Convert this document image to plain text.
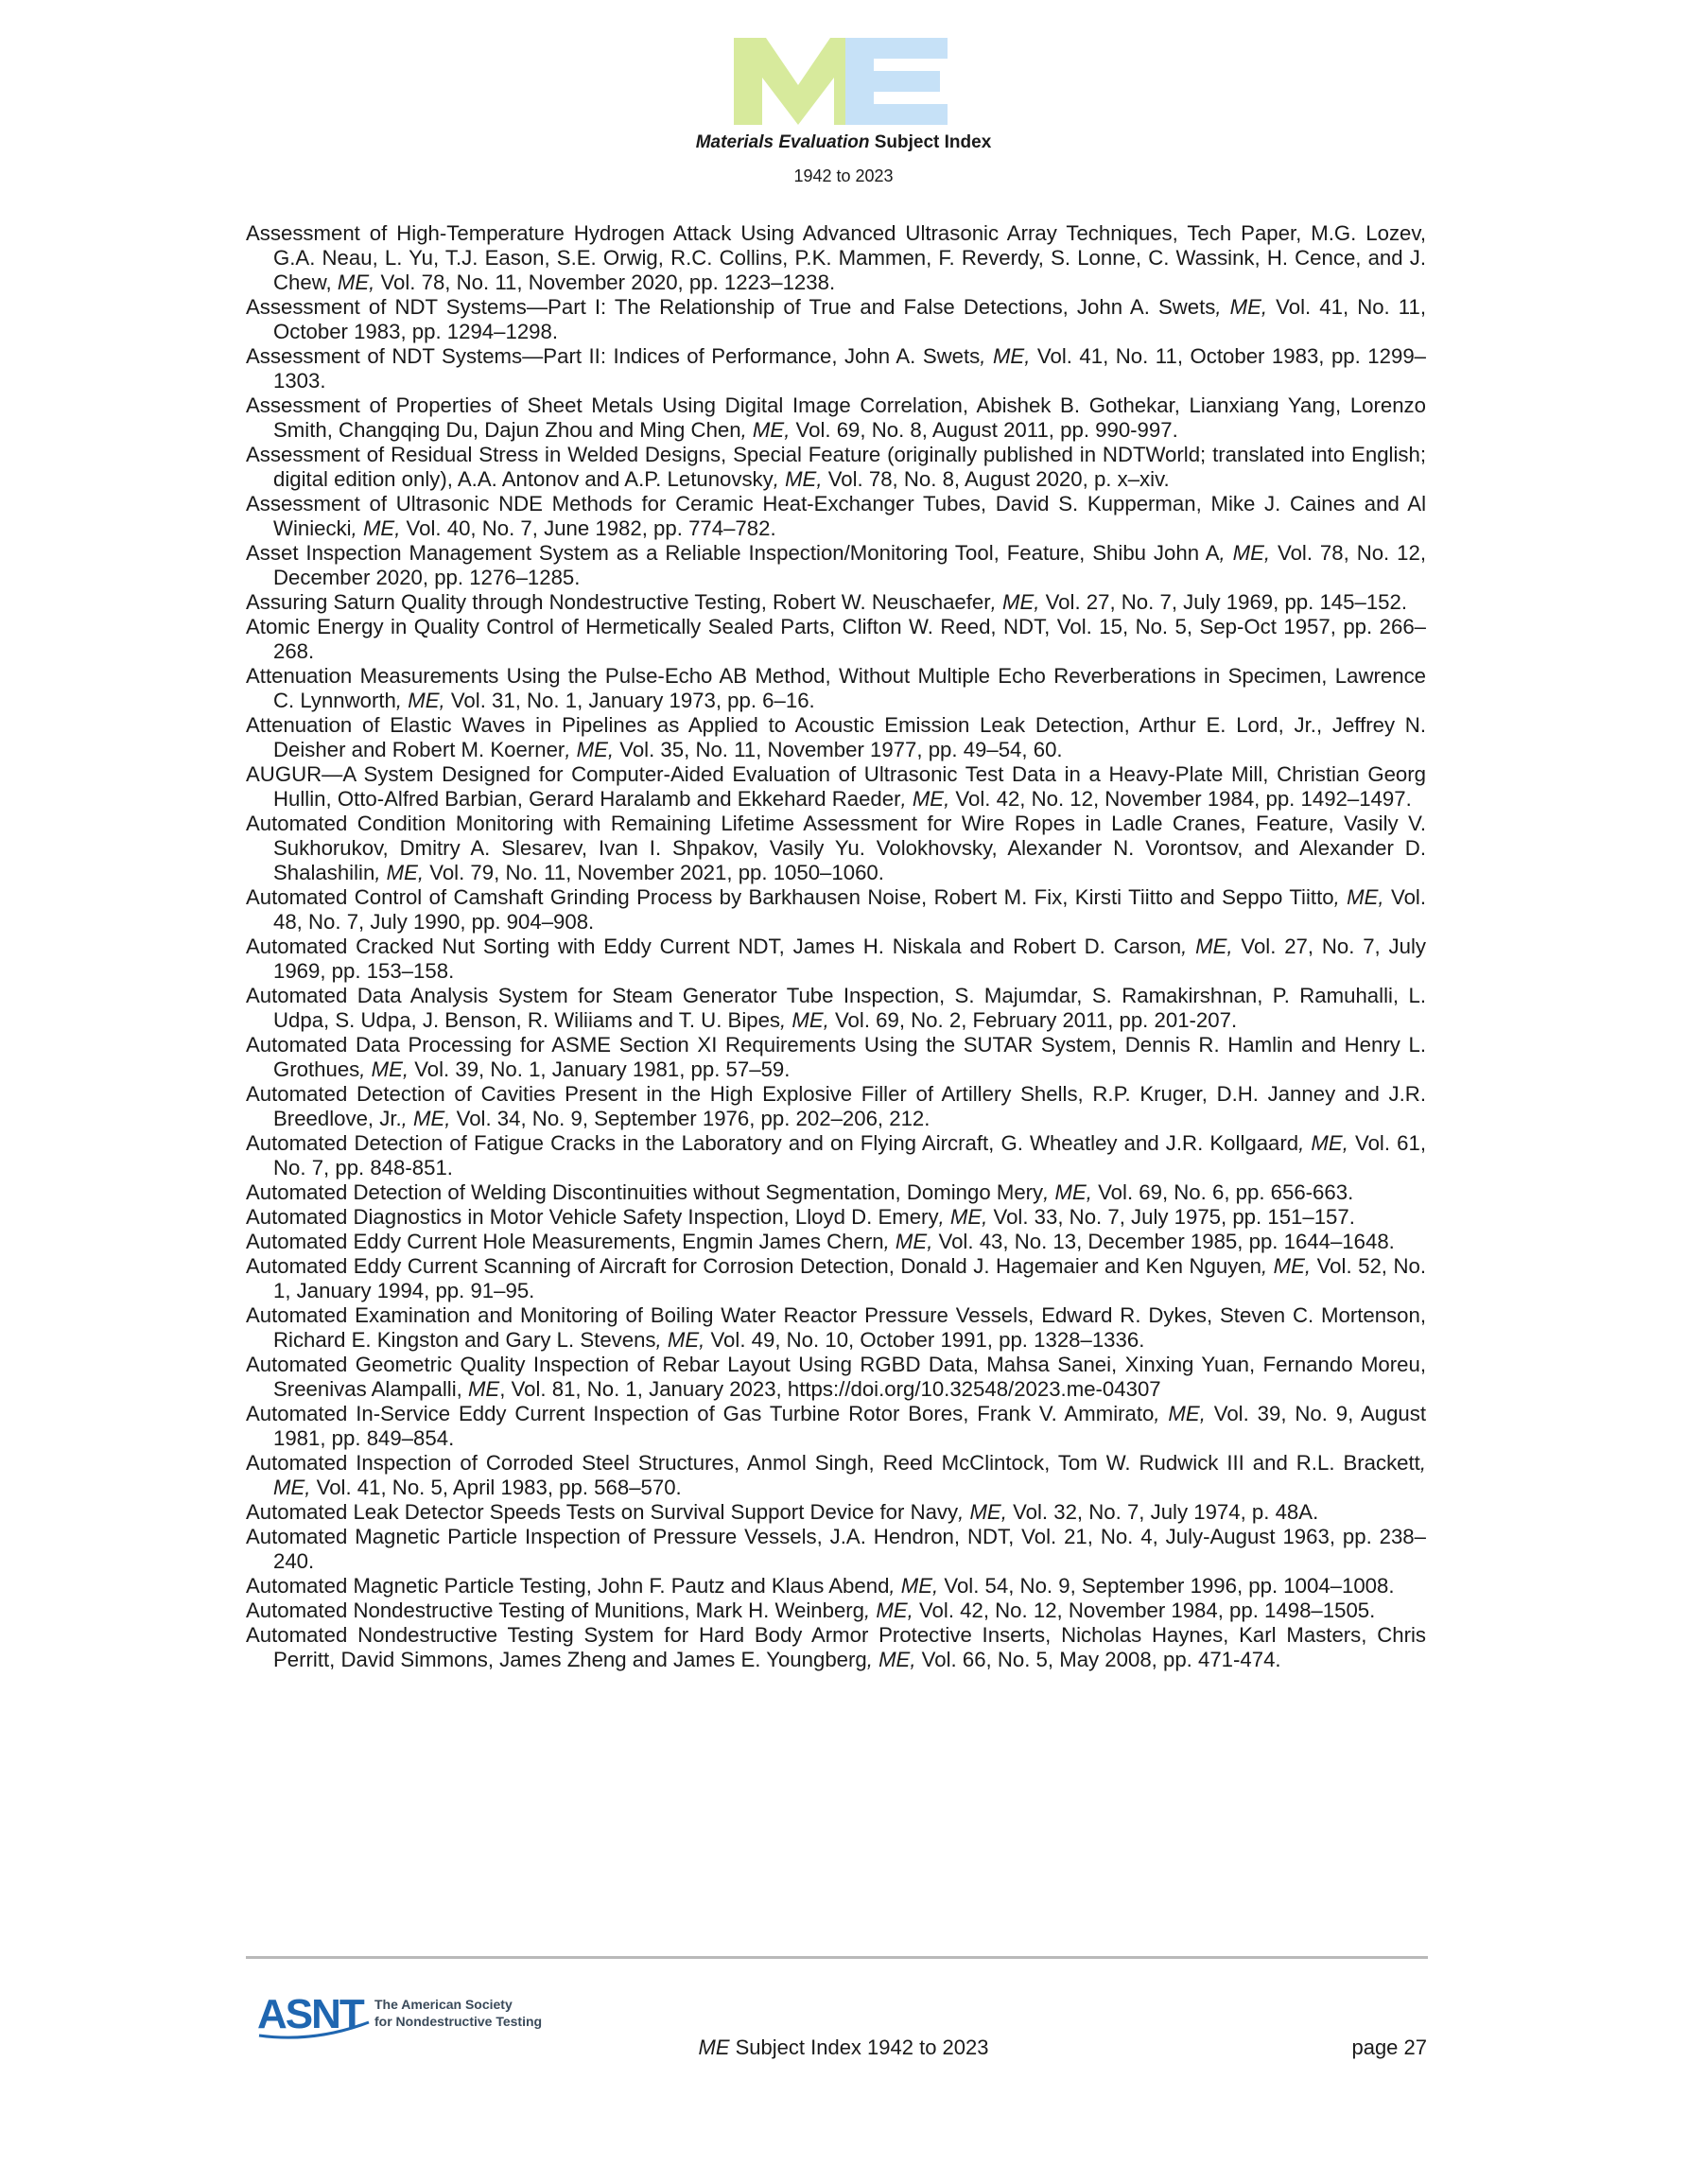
Materials Evaluation Subject Index
1942 to 2023

Assessment of High-Temperature Hydrogen Attack Using Advanced Ultrasonic Array Techniques, Tech Paper, M.G. Lozev, G.A. Neau, L. Yu, T.J. Eason, S.E. Orwig, R.C. Collins, P.K. Mammen, F. Reverdy, S. Lonne, C. Wassink, H. Cence, and J. Chew, ME, Vol. 78, No. 11, November 2020, pp. 1223–1238.

Assessment of NDT Systems—Part I: The Relationship of True and False Detections, John A. Swets, ME, Vol. 41, No. 11, October 1983, pp. 1294–1298.

Assessment of NDT Systems—Part II: Indices of Performance, John A. Swets, ME, Vol. 41, No. 11, October 1983, pp. 1299–1303.

Assessment of Properties of Sheet Metals Using Digital Image Correlation, Abishek B. Gothekar, Lianxiang Yang, Lorenzo Smith, Changqing Du, Dajun Zhou and Ming Chen, ME, Vol. 69, No. 8, August 2011, pp. 990-997.

Assessment of Residual Stress in Welded Designs, Special Feature (originally published in NDTWorld; translated into English; digital edition only), A.A. Antonov and A.P. Letunovsky, ME, Vol. 78, No. 8, August 2020, p. x–xiv.

Assessment of Ultrasonic NDE Methods for Ceramic Heat-Exchanger Tubes, David S. Kupperman, Mike J. Caines and Al Winiecki, ME, Vol. 40, No. 7, June 1982, pp. 774–782.

Asset Inspection Management System as a Reliable Inspection/Monitoring Tool, Feature, Shibu John A, ME, Vol. 78, No. 12, December 2020, pp. 1276–1285.

Assuring Saturn Quality through Nondestructive Testing, Robert W. Neuschaefer, ME, Vol. 27, No. 7, July 1969, pp. 145–152.

Atomic Energy in Quality Control of Hermetically Sealed Parts, Clifton W. Reed, NDT, Vol. 15, No. 5, Sep-Oct 1957, pp. 266–268.

Attenuation Measurements Using the Pulse-Echo AB Method, Without Multiple Echo Reverberations in Specimen, Lawrence C. Lynnworth, ME, Vol. 31, No. 1, January 1973, pp. 6–16.

Attenuation of Elastic Waves in Pipelines as Applied to Acoustic Emission Leak Detection, Arthur E. Lord, Jr., Jeffrey N. Deisher and Robert M. Koerner, ME, Vol. 35, No. 11, November 1977, pp. 49–54, 60.

AUGUR—A System Designed for Computer-Aided Evaluation of Ultrasonic Test Data in a Heavy-Plate Mill, Christian Georg Hullin, Otto-Alfred Barbian, Gerard Haralamb and Ekkehard Raeder, ME, Vol. 42, No. 12, November 1984, pp. 1492–1497.

Automated Condition Monitoring with Remaining Lifetime Assessment for Wire Ropes in Ladle Cranes, Feature, Vasily V. Sukhorukov, Dmitry A. Slesarev, Ivan I. Shpakov, Vasily Yu. Volokhovsky, Alexander N. Vorontsov, and Alexander D. Shalashilin, ME, Vol. 79, No. 11, November 2021, pp. 1050–1060.

Automated Control of Camshaft Grinding Process by Barkhausen Noise, Robert M. Fix, Kirsti Tiitto and Seppo Tiitto, ME, Vol. 48, No. 7, July 1990, pp. 904–908.

Automated Cracked Nut Sorting with Eddy Current NDT, James H. Niskala and Robert D. Carson, ME, Vol. 27, No. 7, July 1969, pp. 153–158.

Automated Data Analysis System for Steam Generator Tube Inspection, S. Majumdar, S. Ramakirshnan, P. Ramuhalli, L. Udpa, S. Udpa, J. Benson, R. Wiliiams and T. U. Bipes, ME, Vol. 69, No. 2, February 2011, pp. 201-207.

Automated Data Processing for ASME Section XI Requirements Using the SUTAR System, Dennis R. Hamlin and Henry L. Grothues, ME, Vol. 39, No. 1, January 1981, pp. 57–59.

Automated Detection of Cavities Present in the High Explosive Filler of Artillery Shells, R.P. Kruger, D.H. Janney and J.R. Breedlove, Jr., ME, Vol. 34, No. 9, September 1976, pp. 202–206, 212.

Automated Detection of Fatigue Cracks in the Laboratory and on Flying Aircraft, G. Wheatley and J.R. Kollgaard, ME, Vol. 61, No. 7, pp. 848-851.

Automated Detection of Welding Discontinuities without Segmentation, Domingo Mery, ME, Vol. 69, No. 6, pp. 656-663.

Automated Diagnostics in Motor Vehicle Safety Inspection, Lloyd D. Emery, ME, Vol. 33, No. 7, July 1975, pp. 151–157.

Automated Eddy Current Hole Measurements, Engmin James Chern, ME, Vol. 43, No. 13, December 1985, pp. 1644–1648.

Automated Eddy Current Scanning of Aircraft for Corrosion Detection, Donald J. Hagemaier and Ken Nguyen, ME, Vol. 52, No. 1, January 1994, pp. 91–95.

Automated Examination and Monitoring of Boiling Water Reactor Pressure Vessels, Edward R. Dykes, Steven C. Mortenson, Richard E. Kingston and Gary L. Stevens, ME, Vol. 49, No. 10, October 1991, pp. 1328–1336.

Automated Geometric Quality Inspection of Rebar Layout Using RGBD Data, Mahsa Sanei, Xinxing Yuan, Fernando Moreu, Sreenivas Alampalli, ME, Vol. 81, No. 1, January 2023, https://doi.org/10.32548/2023.me-04307

Automated In-Service Eddy Current Inspection of Gas Turbine Rotor Bores, Frank V. Ammirato, ME, Vol. 39, No. 9, August 1981, pp. 849–854.

Automated Inspection of Corroded Steel Structures, Anmol Singh, Reed McClintock, Tom W. Rudwick III and R.L. Brackett, ME, Vol. 41, No. 5, April 1983, pp. 568–570.

Automated Leak Detector Speeds Tests on Survival Support Device for Navy, ME, Vol. 32, No. 7, July 1974, p. 48A.

Automated Magnetic Particle Inspection of Pressure Vessels, J.A. Hendron, NDT, Vol. 21, No. 4, July-August 1963, pp. 238–240.

Automated Magnetic Particle Testing, John F. Pautz and Klaus Abend, ME, Vol. 54, No. 9, September 1996, pp. 1004–1008.

Automated Nondestructive Testing of Munitions, Mark H. Weinberg, ME, Vol. 42, No. 12, November 1984, pp. 1498–1505.

Automated Nondestructive Testing System for Hard Body Armor Protective Inserts, Nicholas Haynes, Karl Masters, Chris Perritt, David Simmons, James Zheng and James E. Youngberg, ME, Vol. 66, No. 5, May 2008, pp. 471-474.

ASNT The American Society
for Nondestructive Testing
ME Subject Index 1942 to 2023	page 27
